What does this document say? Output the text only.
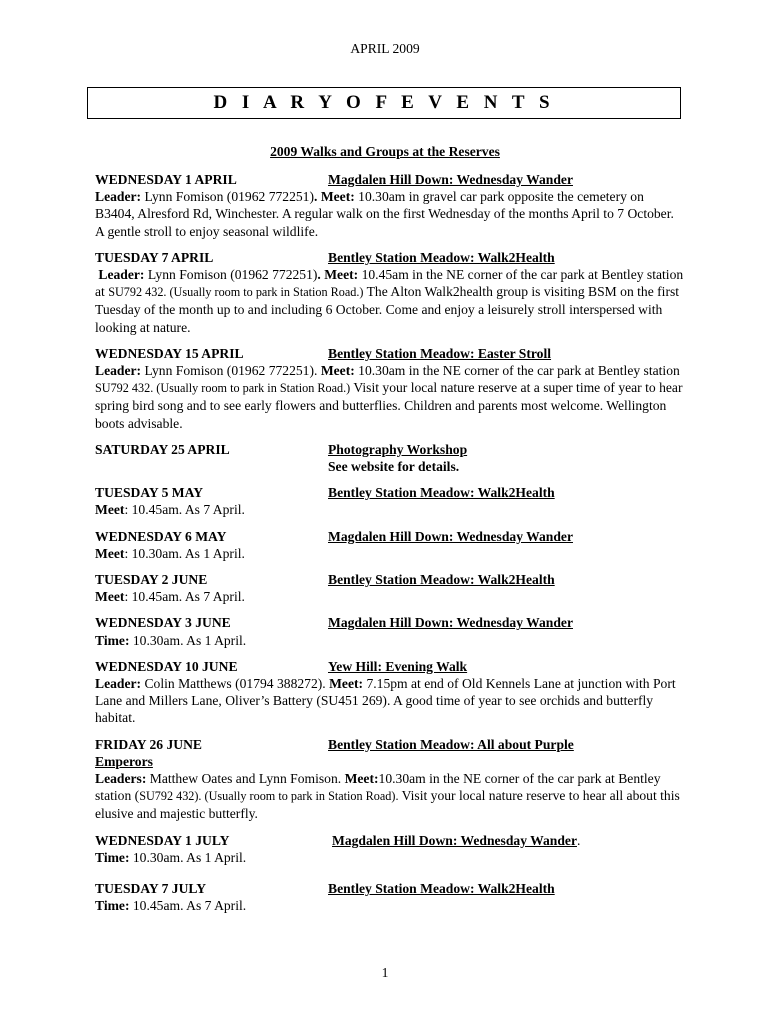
APRIL 2009
D I A R Y O F E V E N T S
2009 Walks and Groups at the Reserves
WEDNESDAY 1 APRIL	Magdalen Hill Down: Wednesday Wander

Leader: Lynn Fomison (01962 772251). Meet: 10.30am in gravel car park opposite the cemetery on B3404, Alresford Rd, Winchester. A regular walk on the first Wednesday of the months April to 7 October. A gentle stroll to enjoy seasonal wildlife.

TUESDAY 7 APRIL	Bentley Station Meadow: Walk2Health

Leader: Lynn Fomison (01962 772251). Meet: 10.45am in the NE corner of the car park at Bentley station at SU792 432. (Usually room to park in Station Road.) The Alton Walk2health group is visiting BSM on the first Tuesday of the month up to and including 6 October. Come and enjoy a leisurely stroll interspersed with looking at nature.

WEDNESDAY 15 APRIL	Bentley Station Meadow: Easter Stroll

Leader: Lynn Fomison (01962 772251). Meet: 10.30am in the NE corner of the car park at Bentley station SU792 432. (Usually room to park in Station Road.) Visit your local nature reserve at a super time of year to hear spring bird song and to see early flowers and butterflies. Children and parents most welcome. Wellington boots advisable.

SATURDAY 25 APRIL	Photography Workshop
See website for details.
TUESDAY 5 MAY	Bentley Station Meadow: Walk2Health

Meet: 10.45am. As 7 April.

WEDNESDAY 6 MAY	Magdalen Hill Down: Wednesday Wander

Meet: 10.30am. As 1 April.

TUESDAY 2 JUNE	Bentley Station Meadow: Walk2Health

Meet: 10.45am. As 7 April.

WEDNESDAY 3 JUNE	Magdalen Hill Down: Wednesday Wander

Time: 10.30am. As 1 April.

WEDNESDAY 10 JUNE	Yew Hill: Evening Walk

Leader: Colin Matthews (01794 388272). Meet: 7.15pm at end of Old Kennels Lane at junction with Port Lane and Millers Lane, Oliver’s Battery (SU451 269). A good time of year to see orchids and butterfly habitat.

FRIDAY 26 JUNE	Bentley Station Meadow: All about Purple
Emperors

Leaders: Matthew Oates and Lynn Fomison. Meet:10.30am in the NE corner of the car park at Bentley station (SU792 432). (Usually room to park in Station Road). Visit your local nature reserve to hear all about this elusive and majestic butterfly.

WEDNESDAY 1 JULY	Magdalen Hill Down: Wednesday Wander .

Time: 10.30am. As 1 April.

TUESDAY 7 JULY	Bentley Station Meadow: Walk2Health

Time: 10.45am. As 7 April.

1
